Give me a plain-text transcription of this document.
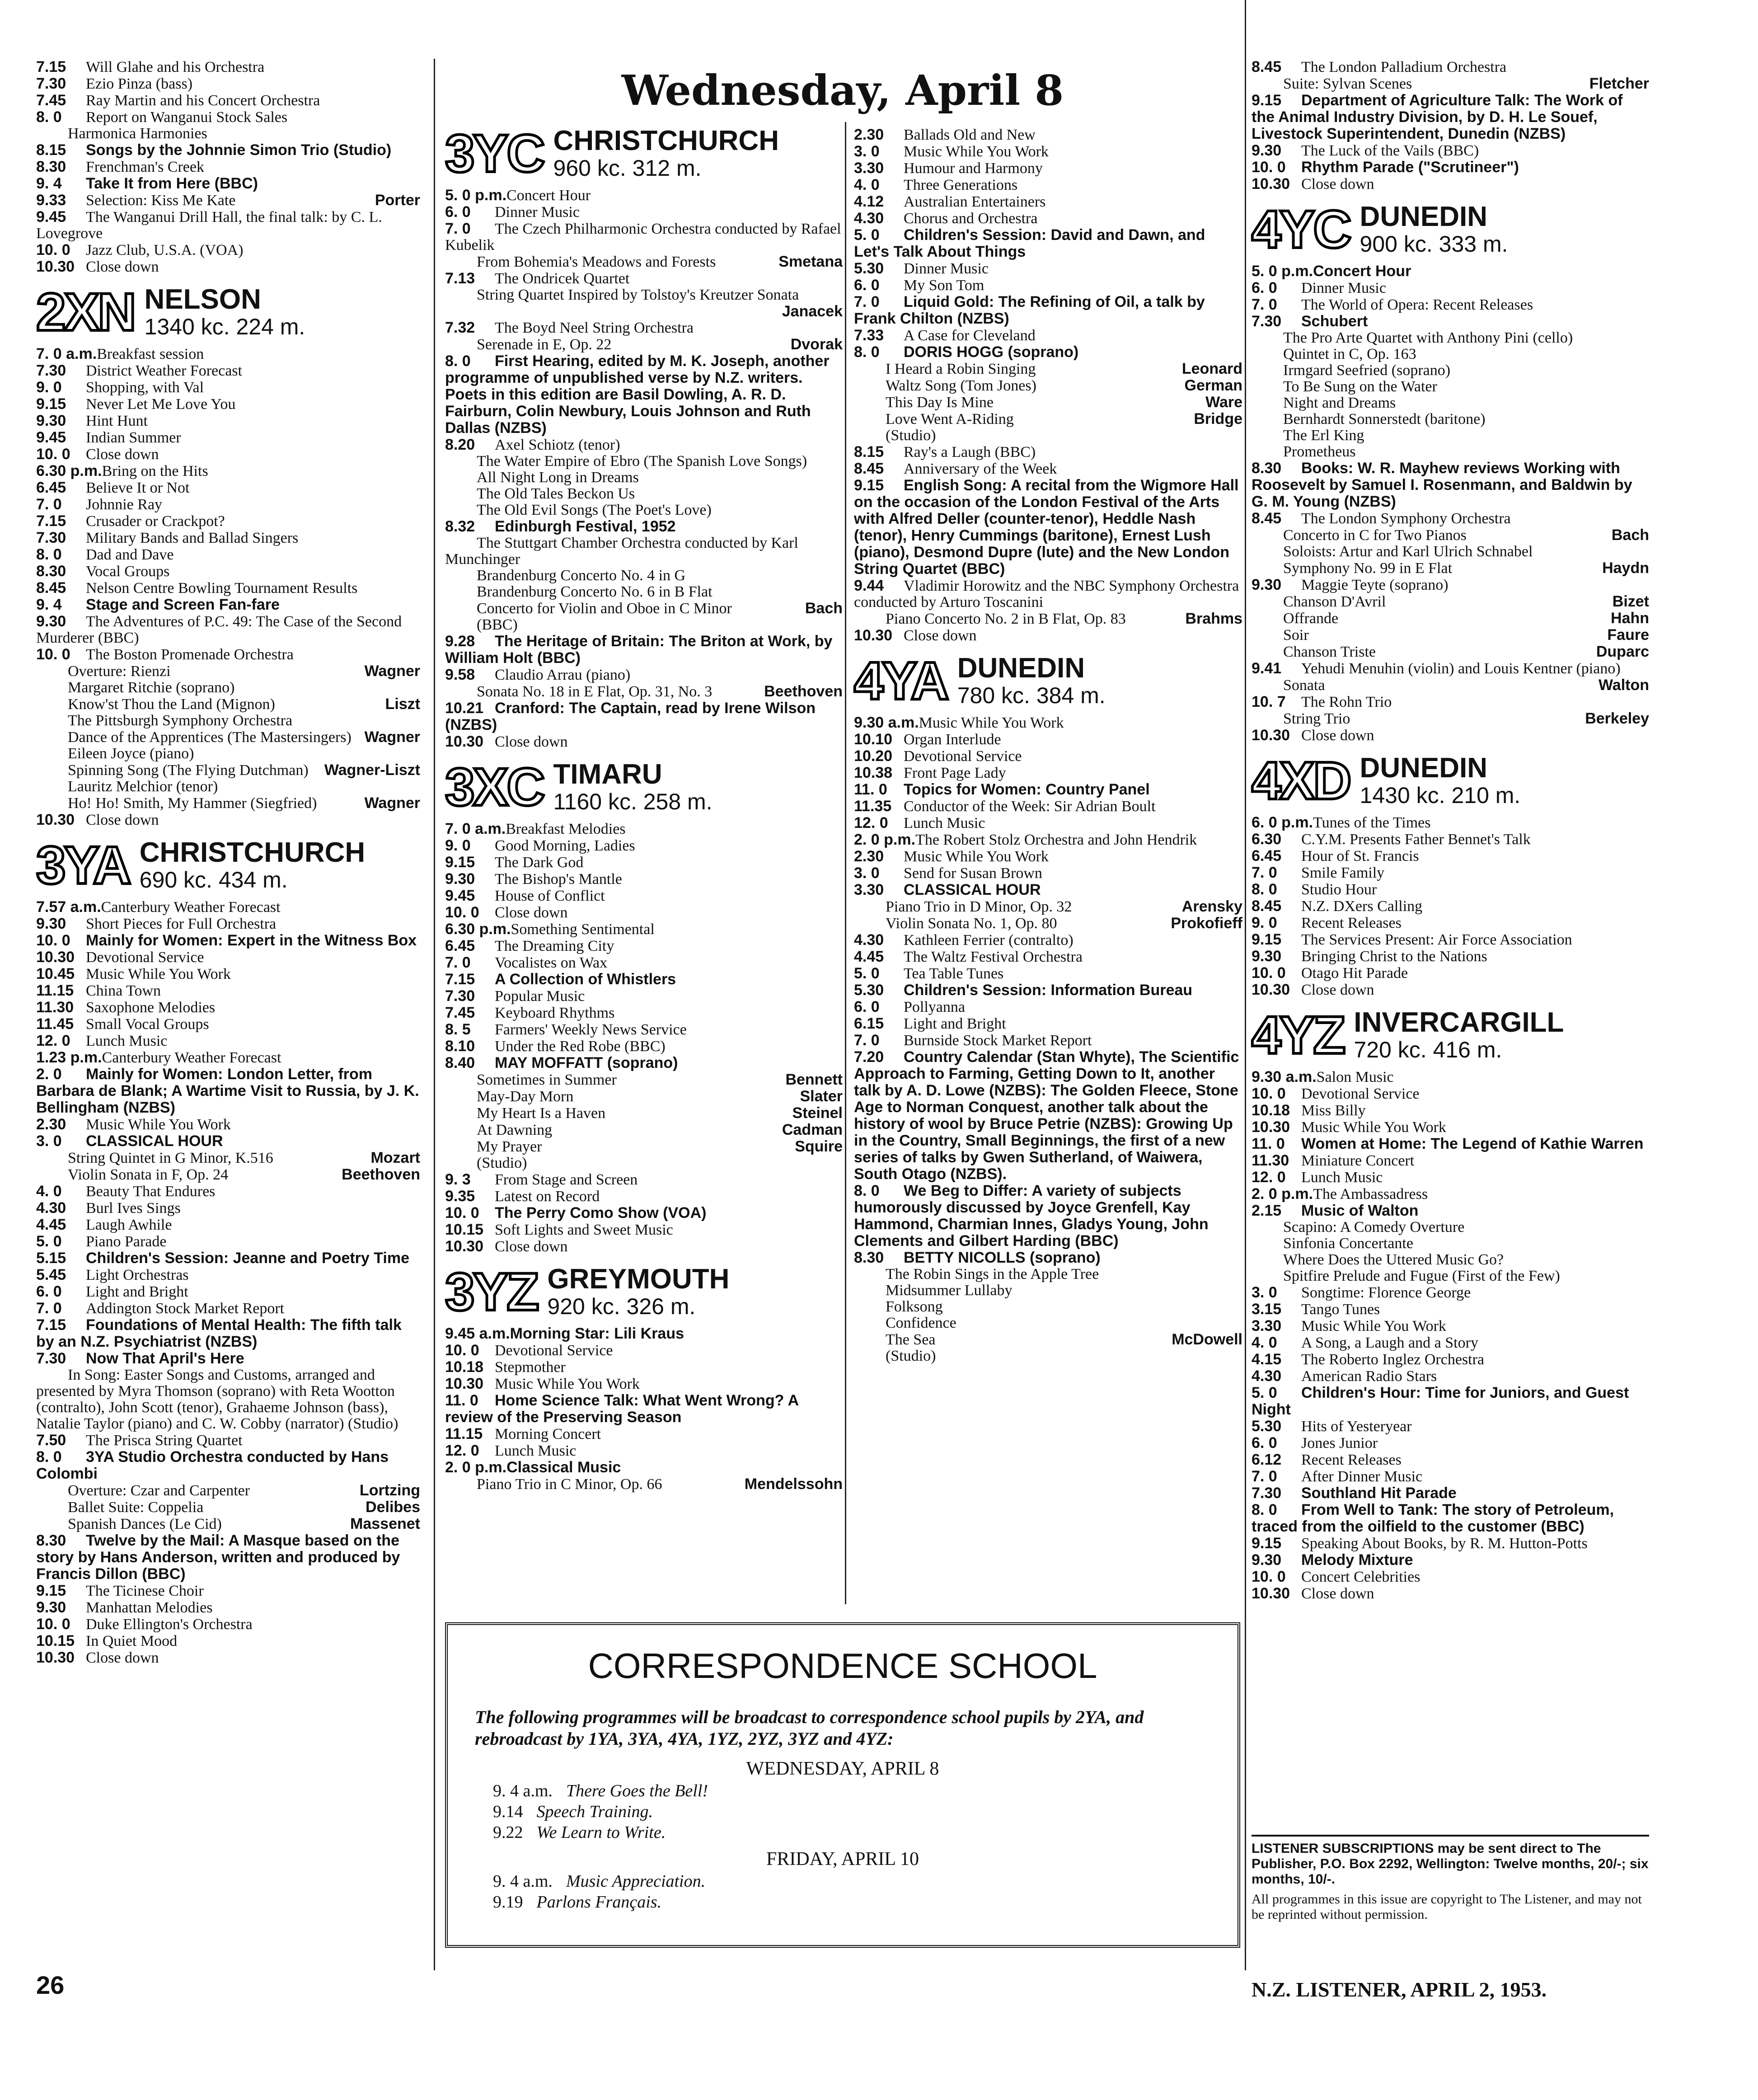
Wednesday, April 8
7.15 Will Glahe and his Orchestra
7.30 Ezio Pinza (bass)
7.45 Ray Martin and his Concert Orchestra
8. 0 Report on Wanganui Stock Sales
Harmonica Harmonies
8.15 Songs by the Johnnie Simon Trio (Studio)
8.30 Frenchman's Creek
9. 4 Take It from Here (BBC)
9.33 Selection: Kiss Me Kate	Porter
9.45 The Wanganui Drill Hall, the final talk: by C. L. Lovegrove
10. 0 Jazz Club, U.S.A. (VOA)
10.30 Close down
2XN NELSON
1340 kc. 224 m.
7. 0 a.m.Breakfast session
7.30 District Weather Forecast
9. 0 Shopping, with Val
9.15 Never Let Me Love You
9.30 Hint Hunt
9.45 Indian Summer
10. 0 Close down
6.30 p.m.Bring on the Hits
6.45 Believe It or Not
7. 0 Johnnie Ray
7.15 Crusader or Crackpot?
7.30 Military Bands and Ballad Singers
8. 0 Dad and Dave
8.30 Vocal Groups
8.45 Nelson Centre Bowling Tournament Results
9. 4 Stage and Screen Fan-fare
9.30 The Adventures of P.C. 49: The Case of the Second Murderer (BBC)
10. 0 The Boston Promenade Orchestra
Overture: Rienzi	Wagner
Margaret Ritchie (soprano)
Know'st Thou the Land (Mignon)	Liszt
The Pittsburgh Symphony Orchestra
Dance of the Apprentices (The Mastersingers) Wagner
Eileen Joyce (piano)
Spinning Song (The Flying Dutchman) Wagner-Liszt
Lauritz Melchior (tenor)
Ho! Ho! Smith, My Hammer (Siegfried)	Wagner
10.30 Close down
3YA CHRISTCHURCH
690 kc. 434 m.
7.57 a.m.Canterbury Weather Forecast
9.30 Short Pieces for Full Orchestra
10. 0 Mainly for Women: Expert in the Witness Box
10.30 Devotional Service
10.45 Music While You Work
11.15 China Town
11.30 Saxophone Melodies
11.45 Small Vocal Groups
12. 0 Lunch Music
1.23 p.m.Canterbury Weather Forecast
2. 0 Mainly for Women: London Letter, from Barbara de Blank; A Wartime Visit to Russia, by J. K. Bellingham (NZBS)
2.30 Music While You Work
3. 0 CLASSICAL HOUR
String Quintet in G Minor, K.516	Mozart
Violin Sonata in F, Op. 24	Beethoven
4. 0 Beauty That Endures
4.30 Burl Ives Sings
4.45 Laugh Awhile
5. 0 Piano Parade
5.15 Children's Session: Jeanne and Poetry Time
5.45 Light Orchestras
6. 0 Light and Bright
7. 0 Addington Stock Market Report
7.15 Foundations of Mental Health: The fifth talk by an N.Z. Psychiatrist (NZBS)
7.30 Now That April's Here
In Song: Easter Songs and Customs, arranged and presented by Myra Thomson (soprano) with Reta Wootton (contralto), John Scott (tenor), Grahaeme Johnson (bass), Natalie Taylor (piano) and C. W. Cobby (narrator) (Studio)
7.50 The Prisca String Quartet
8. 0 3YA Studio Orchestra conducted by Hans Colombi
Overture: Czar and Carpenter	Lortzing
Ballet Suite: Coppelia	Delibes
Spanish Dances (Le Cid)	Massenet
8.30 Twelve by the Mail: A Masque based on the story by Hans Anderson, written and produced by Francis Dillon (BBC)
9.15 The Ticinese Choir
9.30 Manhattan Melodies
10. 0 Duke Ellington's Orchestra
10.15 In Quiet Mood
10.30 Close down
3YC CHRISTCHURCH
960 kc. 312 m.
5. 0 p.m.Concert Hour
6. 0 Dinner Music
7. 0 The Czech Philharmonic Orchestra conducted by Rafael Kubelik
From Bohemia's Meadows and Forests	Smetana
7.13 The Ondricek Quartet
String Quartet Inspired by Tolstoy's Kreutzer Sonata
Janacek
7.32 The Boyd Neel String Orchestra
Serenade in E, Op. 22	Dvorak
8. 0 First Hearing, edited by M. K. Joseph, another programme of unpublished verse by N.Z. writers. Poets in this edition are Basil Dowling, A. R. D. Fairburn, Colin Newbury, Louis Johnson and Ruth Dallas (NZBS)
8.20 Axel Schiotz (tenor)
The Water Empire of Ebro (The Spanish Love Songs)
All Night Long in Dreams
The Old Tales Beckon Us
The Old Evil Songs (The Poet's Love)
8.32 Edinburgh Festival, 1952
The Stuttgart Chamber Orchestra conducted by Karl Munchinger
Brandenburg Concerto No. 4 in G
Brandenburg Concerto No. 6 in B Flat
Concerto for Violin and Oboe in C Minor	Bach
(BBC)
9.28 The Heritage of Britain: The Briton at Work, by William Holt (BBC)
9.58 Claudio Arrau (piano)
Sonata No. 18 in E Flat, Op. 31, No. 3	Beethoven
10.21 Cranford: The Captain, read by Irene Wilson (NZBS)
10.30 Close down
3XC TIMARU
1160 kc. 258 m.
7. 0 a.m.Breakfast Melodies
9. 0 Good Morning, Ladies
9.15 The Dark God
9.30 The Bishop's Mantle
9.45 House of Conflict
10. 0 Close down
6.30 p.m.Something Sentimental
6.45 The Dreaming City
7. 0 Vocalistes on Wax
7.15 A Collection of Whistlers
7.30 Popular Music
7.45 Keyboard Rhythms
8. 5 Farmers' Weekly News Service
8.10 Under the Red Robe (BBC)
8.40 MAY MOFFATT (soprano)
Sometimes in Summer	Bennett
May-Day Morn	Slater
My Heart Is a Haven	Steinel
At Dawning	Cadman
My Prayer	Squire
(Studio)
9. 3 From Stage and Screen
9.35 Latest on Record
10. 0 The Perry Como Show (VOA)
10.15 Soft Lights and Sweet Music
10.30 Close down
3YZ GREYMOUTH
920 kc. 326 m.
9.45 a.m.Morning Star: Lili Kraus
10. 0 Devotional Service
10.18 Stepmother
10.30 Music While You Work
11. 0 Home Science Talk: What Went Wrong? A review of the Preserving Season
11.15 Morning Concert
12. 0 Lunch Music
2. 0 p.m.Classical Music
Piano Trio in C Minor, Op. 66	Mendelssohn
2.30 Ballads Old and New
3. 0 Music While You Work
3.30 Humour and Harmony
4. 0 Three Generations
4.12 Australian Entertainers
4.30 Chorus and Orchestra
5. 0 Children's Session: David and Dawn, and Let's Talk About Things
5.30 Dinner Music
6. 0 My Son Tom
7. 0 Liquid Gold: The Refining of Oil, a talk by Frank Chilton (NZBS)
7.33 A Case for Cleveland
8. 0 DORIS HOGG (soprano)
I Heard a Robin Singing	Leonard
Waltz Song (Tom Jones)	German
This Day Is Mine	Ware
Love Went A-Riding	Bridge
(Studio)
8.15 Ray's a Laugh (BBC)
8.45 Anniversary of the Week
9.15 English Song: A recital from the Wigmore Hall on the occasion of the London Festival of the Arts with Alfred Deller (counter-tenor), Heddle Nash (tenor), Henry Cummings (baritone), Ernest Lush (piano), Desmond Dupre (lute) and the New London String Quartet (BBC)
9.44 Vladimir Horowitz and the NBC Symphony Orchestra conducted by Arturo Toscanini
Piano Concerto No. 2 in B Flat, Op. 83	Brahms
10.30 Close down
4YA DUNEDIN
780 kc. 384 m.
9.30 a.m.Music While You Work
10.10 Organ Interlude
10.20 Devotional Service
10.38 Front Page Lady
11. 0 Topics for Women: Country Panel
11.35 Conductor of the Week: Sir Adrian Boult
12. 0 Lunch Music
2. 0 p.m.The Robert Stolz Orchestra and John Hendrik
2.30 Music While You Work
3. 0 Send for Susan Brown
3.30 CLASSICAL HOUR
Piano Trio in D Minor, Op. 32	Arensky
Violin Sonata No. 1, Op. 80	Prokofieff
4.30 Kathleen Ferrier (contralto)
4.45 The Waltz Festival Orchestra
5. 0 Tea Table Tunes
5.30 Children's Session: Information Bureau
6. 0 Pollyanna
6.15 Light and Bright
7. 0 Burnside Stock Market Report
7.20 Country Calendar (Stan Whyte), The Scientific Approach to Farming, Getting Down to It, another talk by A. D. Lowe (NZBS): The Golden Fleece, Stone Age to Norman Conquest, another talk about the history of wool by Bruce Petrie (NZBS): Growing Up in the Country, Small Beginnings, the first of a new series of talks by Gwen Sutherland, of Waiwera, South Otago (NZBS).
8. 0 We Beg to Differ: A variety of subjects humorously discussed by Joyce Grenfell, Kay Hammond, Charmian Innes, Gladys Young, John Clements and Gilbert Harding (BBC)
8.30 BETTY NICOLLS (soprano)
The Robin Sings in the Apple Tree
Midsummer Lullaby
Folksong
Confidence
The Sea	McDowell
(Studio)
8.45 The London Palladium Orchestra
Suite: Sylvan Scenes	Fletcher
9.15 Department of Agriculture Talk: The Work of the Animal Industry Division, by D. H. Le Souef, Livestock Superintendent, Dunedin (NZBS)
9.30 The Luck of the Vails (BBC)
10. 0 Rhythm Parade ("Scrutineer")
10.30 Close down
4YC DUNEDIN
900 kc. 333 m.
5. 0 p.m.Concert Hour
6. 0 Dinner Music
7. 0 The World of Opera: Recent Releases
7.30 Schubert
The Pro Arte Quartet with Anthony Pini (cello)
Quintet in C, Op. 163
Irmgard Seefried (soprano)
To Be Sung on the Water
Night and Dreams
Bernhardt Sonnerstedt (baritone)
The Erl King
Prometheus
8.30 Books: W. R. Mayhew reviews Working with Roosevelt by Samuel I. Rosenmann, and Baldwin by G. M. Young (NZBS)
8.45 The London Symphony Orchestra
Concerto in C for Two Pianos	Bach
Soloists: Artur and Karl Ulrich Schnabel
Symphony No. 99 in E Flat	Haydn
9.30 Maggie Teyte (soprano)
Chanson D'Avril	Bizet
Offrande	Hahn
Soir	Faure
Chanson Triste	Duparc
9.41 Yehudi Menuhin (violin) and Louis Kentner (piano)
Sonata	Walton
10. 7 The Rohn Trio
String Trio	Berkeley
10.30 Close down
4XD DUNEDIN
1430 kc. 210 m.
6. 0 p.m.Tunes of the Times
6.30 C.Y.M. Presents Father Bennet's Talk
6.45 Hour of St. Francis
7. 0 Smile Family
8. 0 Studio Hour
8.45 N.Z. DXers Calling
9. 0 Recent Releases
9.15 The Services Present: Air Force Association
9.30 Bringing Christ to the Nations
10. 0 Otago Hit Parade
10.30 Close down
4YZ INVERCARGILL
720 kc. 416 m.
9.30 a.m.Salon Music
10. 0 Devotional Service
10.18 Miss Billy
10.30 Music While You Work
11. 0 Women at Home: The Legend of Kathie Warren
11.30 Miniature Concert
12. 0 Lunch Music
2. 0 p.m.The Ambassadress
2.15 Music of Walton
Scapino: A Comedy Overture
Sinfonia Concertante
Where Does the Uttered Music Go?
Spitfire Prelude and Fugue (First of the Few)
3. 0 Songtime: Florence George
3.15 Tango Tunes
3.30 Music While You Work
4. 0 A Song, a Laugh and a Story
4.15 The Roberto Inglez Orchestra
4.30 American Radio Stars
5. 0 Children's Hour: Time for Juniors, and Guest Night
5.30 Hits of Yesteryear
6. 0 Jones Junior
6.12 Recent Releases
7. 0 After Dinner Music
7.30 Southland Hit Parade
8. 0 From Well to Tank: The story of Petroleum, traced from the oilfield to the customer (BBC)
9.15 Speaking About Books, by R. M. Hutton-Potts
9.30 Melody Mixture
10. 0 Concert Celebrities
10.30 Close down
CORRESPONDENCE SCHOOL
The following programmes will be broadcast to correspondence school pupils by 2YA, and rebroadcast by 1YA, 3YA, 4YA, 1YZ, 2YZ, 3YZ and 4YZ:
WEDNESDAY, APRIL 8
9. 4 a.m. There Goes the Bell!
9.14 Speech Training.
9.22 We Learn to Write.
FRIDAY, APRIL 10
9. 4 a.m. Music Appreciation.
9.19 Parlons Français.
LISTENER SUBSCRIPTIONS may be sent direct to The Publisher, P.O. Box 2292, Wellington: Twelve months, 20/-; six months, 10/-.
All programmes in this issue are copyright to The Listener, and may not be reprinted without permission.
26	N.Z. LISTENER, APRIL 2, 1953.
